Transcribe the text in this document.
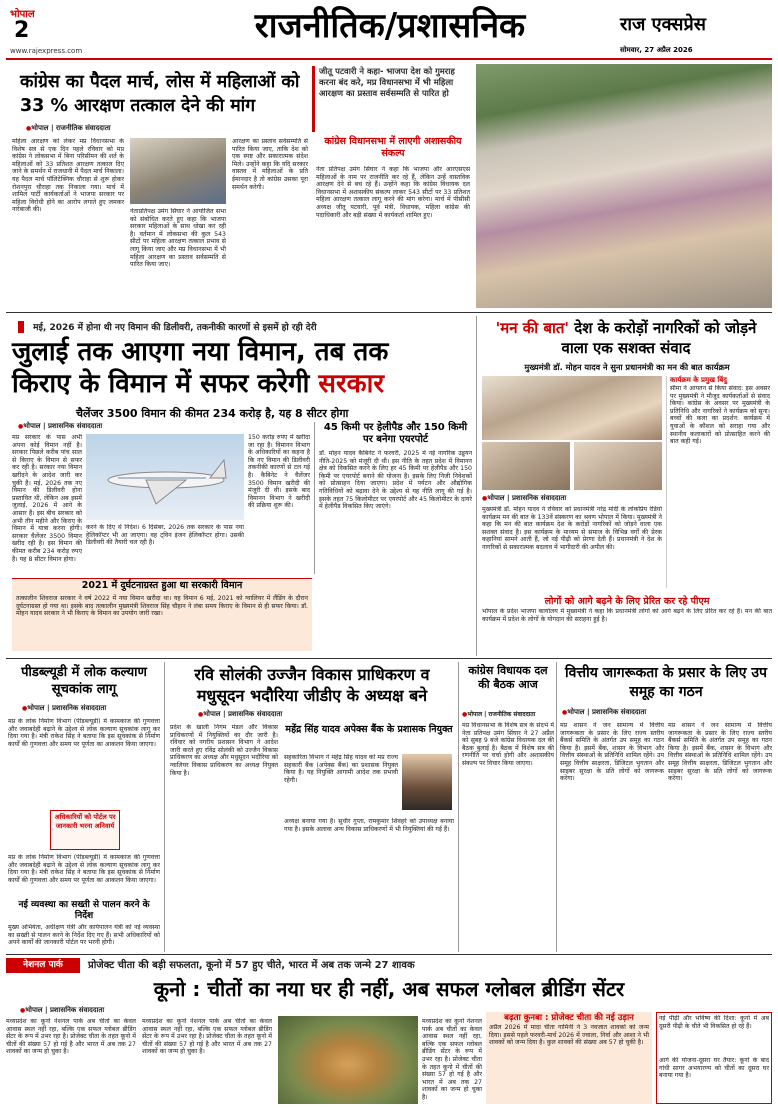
भोपाल
2
www.rajexpress.com
राजनीतिक/प्रशासनिक	राज एक्सप्रेस
सोमवार, 27 अप्रैल 2026
कांग्रेस का पैदल मार्च, लोस में महिलाओं को 33 % आरक्षण तत्काल देने की मांग
● भोपाल | राजनीतिक संवाददाता
महिला आरक्षण को लेकर मप्र विधानसभा के विशेष सत्र से एक दिन पहले रविवार को मप्र कांग्रेस ने लोकसभा में बिना परिसीमन की शर्त के महिलाओं को 33 प्रतिशत आरक्षण तत्काल दिए जाने के समर्थन में राजधानी में पैदल मार्च निकाला। यह पैदल मार्च पॉलिटेक्निक चौराहा से शुरू होकर रोशनपुरा चौराहा तक निकाला गया। मार्च में शामिल पार्टी कार्यकर्ताओं ने भाजपा सरकार पर महिला विरोधी होने का आरोप लगाते हुए जमकर नारेबाजी की।	नेताप्रतिपक्ष उमंग सिंघार ने आयोजित सभा को संबोधित करते हुए कहा कि भाजपा सरकार महिलाओं के साथ धोखा कर रही है। वर्तमान में लोकसभा की कुल 543 सीटों पर महिला आरक्षण तत्काल प्रभाव से लागू किया जाए और मप्र विधानसभा में भी महिला आरक्षण का प्रस्ताव सर्वसम्मति से पारित किया जाए।
आरक्षण का प्रस्ताव सर्वसम्मति से पारित किया जाए, ताकि देश को एक स्पष्ट और सकारात्मक संदेश मिले। उन्होंने कहा कि यदि सरकार वास्तव में महिलाओं के प्रति ईमानदार है तो कांग्रेस उसका पूरा समर्थन करेगी।
जीतू पटवारी ने कहा- भाजपा देश को गुमराह करना बंद करे, मप्र विधानसभा में भी महिला आरक्षण का प्रस्ताव सर्वसम्मति से पारित हो
कांग्रेस विधानसभा में लाएगी अशासकीय संकल्प
नेता प्रतिपक्ष उमंग सिंघार ने कहा कि भाजपा और आरएसएस महिलाओं के नाम पर राजनीति कर रहे हैं, लेकिन उन्हें वास्तविक आरक्षण देने से बच रहे हैं। उन्होंने कहा कि कांग्रेस विधायक दल विधानसभा में अशासकीय संकल्प लाकर 543 सीटों पर 33 प्रतिशत महिला आरक्षण तत्काल लागू करने की मांग करेगा। मार्च में पीसीसी अध्यक्ष जीतू पटवारी, पूर्व मंत्री, विधायक, महिला कांग्रेस की पदाधिकारी और बड़ी संख्या में कार्यकर्ता शामिल हुए।
मई, 2026 में होना थी नए विमान की डिलीवरी, तकनीकी कारणों से इसमें हो रही देरी
जुलाई तक आएगा नया विमान, तब तक
किराए के विमान में सफर करेगी सरकार
चैलेंजर 3500 विमान की कीमत 234 करोड़ है, यह 8 सीटर होगा
● भोपाल | प्रशासनिक संवाददाता
मप्र सरकार के पास अभी अपना कोई विमान नहीं है। सरकार पिछले करीब पांच साल से किराए के विमान से सफर कर रही है। सरकार नया विमान खरीदने के आदेश जारी कर चुकी है। मई, 2026 तक नए विमान की डिलीवरी होना प्रस्तावित थी, लेकिन अब इसमें जुलाई, 2026 में आने के आसार हैं। इस बीच सरकार को अभी तीन महीने और किराए के विमान में यात्रा करना होगी। सरकार चैलेंजर 3500 विमान खरीद रही है। इस विमान की कीमत करीब 234 करोड़ रुपए है। यह 8 सीटर विमान होगा।
करने के दिए थे निर्देश। 6 दिसंबर, 2026 तक सरकार के पास नया हेलिकॉप्टर भी आ जाएगा। वह ट्विन इंजन हेलिकॉप्टर होगा। उसकी डिलीवरी की तैयारी चल रही है।
150 करोड़ रुपए में खरीदा जा रहा है। विमानन विभाग के अधिकारियों का कहना है कि नए विमान की डिलीवरी तकनीकी कारणों से टल गई है। कैबिनेट ने चैलेंजर 3500 विमान खरीदी की मंजूरी दी थी। इसके बाद विमानन विभाग ने खरीदी की प्रक्रिया शुरू की।
45 किमी पर हेलीपैड और 150 किमी पर बनेगा एयरपोर्ट
डॉ. मोहन यादव कैबिनेट ने फरवरी, 2025 में नई नागरिक उड्डयन नीति-2025 को मंजूरी दी थी। इस नीति के तहत प्रदेश में विमानन क्षेत्र को विकसित करने के लिए हर 45 किमी पर हेलीपैड और 150 किमी पर एयरपोर्ट बनाने की योजना है। इसके लिए निजी निवेशकों को प्रोत्साहन दिया जाएगा। प्रदेश में पर्यटन और औद्योगिक गतिविधियों को बढ़ावा देने के उद्देश्य से यह नीति लागू की गई है। इसके तहत 75 किलोमीटर पर एयरपोर्ट और 45 किलोमीटर के दायरे में हेलीपैड विकसित किए जाएंगे।
2021 में दुर्घटनाग्रस्त हुआ था सरकारी विमान
तत्कालीन शिवराज सरकार ने वर्ष 2022 में नया विमान खरीदा था। यह विमान 6 मई, 2021 को ग्वालियर में लैंडिंग के दौरान दुर्घटनाग्रस्त हो गया था। इसके बाद तत्कालीन मुख्यमंत्री शिवराज सिंह चौहान ने लंबा समय किराए के विमान से ही सफर किया। डॉ. मोहन यादव सरकार ने भी किराए के विमान का उपयोग जारी रखा।
'मन की बात' देश के करोड़ों नागरिकों को जोड़ने वाला एक सशक्त संवाद
मुख्यमंत्री डॉ. मोहन यादव ने सुना प्रधानमंत्री का मन की बात कार्यक्रम
● भोपाल | प्रशासनिक संवाददाता
मुख्यमंत्री डॉ. मोहन यादव ने रविवार को प्रधानमंत्री नरेंद्र मोदी के लोकप्रिय रेडियो कार्यक्रम मन की बात के 133वें संस्करण का श्रवण भोपाल में किया। मुख्यमंत्री ने कहा कि मन की बात कार्यक्रम देश के करोड़ों नागरिकों को जोड़ने वाला एक सशक्त संवाद है। इस कार्यक्रम के माध्यम से समाज के विभिन्न वर्गों की प्रेरक कहानियां सामने आती हैं, जो नई पीढ़ी को प्रेरणा देती हैं। प्रधानमंत्री ने देश के नागरिकों से सकारात्मक बदलाव में भागीदारी की अपील की।
कार्यक्रम के प्रमुख बिंदु
सीमा ने आयतन से किया संवाद: इस अवसर पर मुख्यमंत्री ने मौजूद कार्यकर्ताओं से संवाद किया। कांग्रेस के अवसर पर मुख्यमंत्री के प्रतिनिधि और नागरिकों ने कार्यक्रम को सुना। बच्चों की कला का प्रदर्शन: कार्यक्रम में युवाओं के कौशल को सराहा गया और स्थानीय कलाकारों को प्रोत्साहित करने की बात कही गई।
लोगों को आगे बढ़ने के लिए प्रेरित कर रहे पीएम
भोपाल के प्रदेश भाजपा कार्यालय में मुख्यमंत्री ने कहा कि प्रधानमंत्री लोगों को आगे बढ़ने के लिए प्रेरित कर रहे हैं। मन की बात कार्यक्रम में प्रदेश के लोगों के योगदान की सराहना हुई है।
पीडब्ल्यूडी में लोक कल्याण सूचकांक लागू
● भोपाल | प्रशासनिक संवाददाता
मप्र के लोक निर्माण विभाग (पीडब्ल्यूडी) में कामकाज की गुणवत्ता और जवाबदेही बढ़ाने के उद्देश्य से लोक कल्याण सूचकांक लागू कर दिया गया है। मंत्री राकेश सिंह ने बताया कि इस सूचकांक से निर्माण कार्यों की गुणवत्ता और समय पर पूर्णता का आकलन किया जाएगा।
अधिकारियों को पोर्टल पर जानकारी भरना अनिवार्य
मप्र के लोक निर्माण विभाग (पीडब्ल्यूडी) में कामकाज की गुणवत्ता और जवाबदेही बढ़ाने के उद्देश्य से लोक कल्याण सूचकांक लागू कर दिया गया है। मंत्री राकेश सिंह ने बताया कि इस सूचकांक से निर्माण कार्यों की गुणवत्ता और समय पर पूर्णता का आकलन किया जाएगा।
नई व्यवस्था का सख्ती से पालन करने के निर्देश
मुख्य अभियंता, अधीक्षण यंत्री और कार्यपालन यंत्री को नई व्यवस्था का सख्ती से पालन करने के निर्देश दिए गए हैं। सभी अधिकारियों को अपने कार्यों की जानकारी पोर्टल पर भरनी होगी।
रवि सोलंकी उज्जैन विकास प्राधिकरण व मधुसूदन भदौरिया जीडीए के अध्यक्ष बने
● भोपाल | प्रशासनिक संवाददाता
प्रदेश के खाली निगम मंडल और विकास प्राधिकरणों में नियुक्तियों का दौर जारी है। रविवार को नगरीय प्रशासन विभाग ने आदेश जारी करते हुए रविंद्र सोलंकी को उज्जैन विकास प्राधिकरण का अध्यक्ष और मधुसूदन भदौरिया को ग्वालियर विकास प्राधिकरण का अध्यक्ष नियुक्त किया है।
महेंद्र सिंह यादव अपेक्स बैंक के प्रशासक नियुक्त
सहकारिता विभाग ने महेंद्र सिंह यादव को मप्र राज्य सहकारी बैंक (अपेक्स बैंक) का प्रशासक नियुक्त किया है। यह नियुक्ति आगामी आदेश तक प्रभावी रहेगी।
अध्यक्ष बनाया गया है। सुधीर गुप्ता, रामकुमार शिवहरे को उपाध्यक्ष बनाया गया है। इसके अलावा अन्य विकास प्राधिकरणों में भी नियुक्तियां की गई हैं।
कांग्रेस विधायक दल की बैठक आज
● भोपाल | राजनीतिक संवाददाता
मप्र विधानसभा के विशेष सत्र के संदर्भ में नेता प्रतिपक्ष उमंग सिंघार ने 27 अप्रैल को सुबह 9 बजे कांग्रेस विधायक दल की बैठक बुलाई है। बैठक में विशेष सत्र की रणनीति पर चर्चा होगी और अशासकीय संकल्प पर विचार किया जाएगा।
वित्तीय जागरूकता के प्रसार के लिए उप समूह का गठन
● भोपाल | प्रशासनिक संवाददाता
मप्र शासन ने जन सामान्य में वित्तीय जागरूकता के प्रसार के लिए राज्य स्तरीय बैंकर्स समिति के अंतर्गत उप समूह का गठन किया है। इसमें बैंक, शासन के विभाग और वित्तीय संस्थाओं के प्रतिनिधि शामिल रहेंगे। उप समूह वित्तीय साक्षरता, डिजिटल भुगतान और साइबर सुरक्षा के प्रति लोगों को जागरूक करेगा।
मप्र शासन ने जन सामान्य में वित्तीय जागरूकता के प्रसार के लिए राज्य स्तरीय बैंकर्स समिति के अंतर्गत उप समूह का गठन किया है। इसमें बैंक, शासन के विभाग और वित्तीय संस्थाओं के प्रतिनिधि शामिल रहेंगे। उप समूह वित्तीय साक्षरता, डिजिटल भुगतान और साइबर सुरक्षा के प्रति लोगों को जागरूक करेगा।
नेशनल पार्क	प्रोजेक्ट चीता की बड़ी सफलता, कूनो में 57 हुए चीते, भारत में अब तक जन्मे 27 शावक
कूनो : चीतों का नया घर ही नहीं, अब सफल ग्लोबल ब्रीडिंग सेंटर
● भोपाल | प्रशासनिक संवाददाता
मध्यप्रदेश का कूनो नेशनल पार्क अब चीतों का केवल आवास स्थल नहीं रहा, बल्कि एक सफल ग्लोबल ब्रीडिंग सेंटर के रूप में उभर रहा है। प्रोजेक्ट चीता के तहत कूनो में चीतों की संख्या 57 हो गई है और भारत में अब तक 27 शावकों का जन्म हो चुका है।
मध्यप्रदेश का कूनो नेशनल पार्क अब चीतों का केवल आवास स्थल नहीं रहा, बल्कि एक सफल ग्लोबल ब्रीडिंग सेंटर के रूप में उभर रहा है। प्रोजेक्ट चीता के तहत कूनो में चीतों की संख्या 57 हो गई है और भारत में अब तक 27 शावकों का जन्म हो चुका है।
मध्यप्रदेश का कूनो नेशनल पार्क अब चीतों का केवल आवास स्थल नहीं रहा, बल्कि एक सफल ग्लोबल ब्रीडिंग सेंटर के रूप में उभर रहा है। प्रोजेक्ट चीता के तहत कूनो में चीतों की संख्या 57 हो गई है और भारत में अब तक 27 शावकों का जन्म हो चुका है।
बढ़ता कुनबा : प्रोजेक्ट चीता की नई उड़ान
अप्रैल 2026 में मादा चीता गामिनी ने 3 नवजात शावकों को जन्म दिया। इससे पहले फरवरी-मार्च 2026 में ज्वाला, निर्वा और आशा ने भी शावकों को जन्म दिया है। कुल शावकों की संख्या अब 57 हो चुकी है।
नई पीढ़ी और भविष्य की दिशा: कूनो में अब दूसरी पीढ़ी के चीते भी विकसित हो रहे हैं।
आगे की योजना-दूसरा घर तैयार: कूनो के बाद गांधी सागर अभयारण्य को चीतों का दूसरा घर बनाया गया है।
